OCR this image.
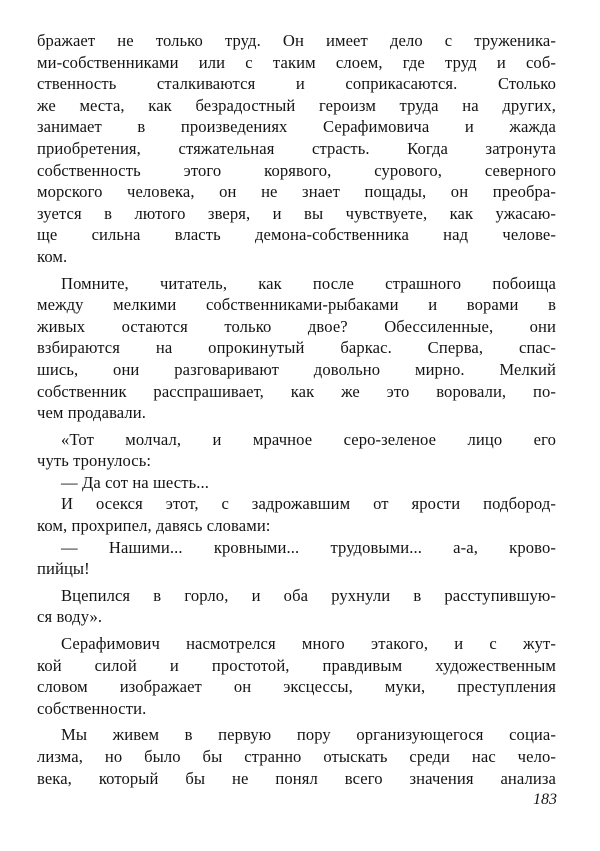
бражает не только труд. Он имеет дело с труженика-
ми-собственниками или с таким слоем, где труд и соб-
ственность сталкиваются и соприкасаются. Столько
же места, как безрадостный героизм труда на других,
занимает в произведениях Серафимовича и жажда
приобретения, стяжательная страсть. Когда затронута
собственность этого корявого, сурового, северного
морского человека, он не знает пощады, он преобра-
зуется в лютого зверя, и вы чувствуете, как ужасаю-
ще сильна власть демона-собственника над челове-
ком.
Помните, читатель, как после страшного побоища
между мелкими собственниками-рыбаками и ворами в
живых остаются только двое? Обессиленные, они
взбираются на опрокинутый баркас. Сперва, спас-
шись, они разговаривают довольно мирно. Мелкий
собственник расспрашивает, как же это воровали, по-
чем продавали.
«Тот молчал, и мрачное серо-зеленое лицо его
чуть тронулось:
— Да сот на шесть...
И осекся этот, с задрожавшим от ярости подбород-
ком, прохрипел, давясь словами:
— Нашими... кровными... трудовыми... а-а, крово-
пийцы!
Вцепился в горло, и оба рухнули в расступившую-
ся воду».
Серафимович насмотрелся много этакого, и с жут-
кой силой и простотой, правдивым художественным
словом изображает он эксцессы, муки, преступления
собственности.
Мы живем в первую пору организующегося социа-
лизма, но было бы странно отыскать среди нас чело-
века, который бы не понял всего значения анализа
183
